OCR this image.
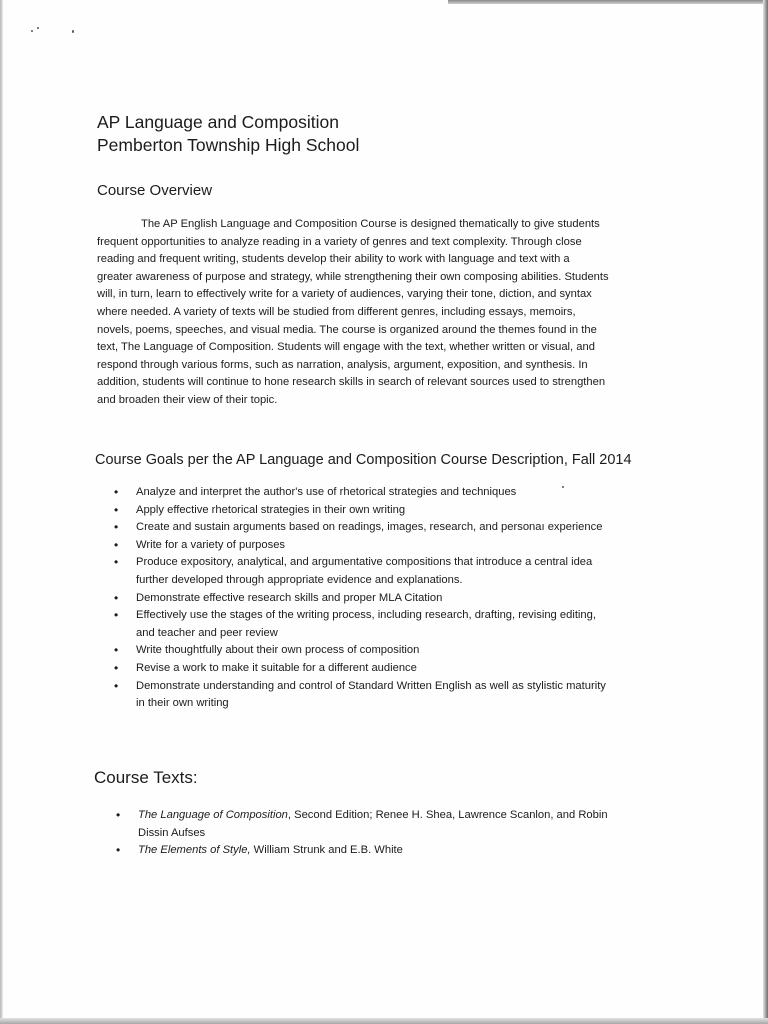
AP Language and Composition
Pemberton Township High School
Course Overview
The AP English Language and Composition Course is designed thematically to give students
frequent opportunities to analyze reading in a variety of genres and text complexity. Through close
reading and frequent writing, students develop their ability to work with language and text with a
greater awareness of purpose and strategy, while strengthening their own composing abilities. Students
will, in turn, learn to effectively write for a variety of audiences, varying their tone, diction, and syntax
where needed. A variety of texts will be studied from different genres, including essays, memoirs,
novels, poems, speeches, and visual media. The course is organized around the themes found in the
text, The Language of Composition. Students will engage with the text, whether written or visual, and
respond through various forms, such as narration, analysis, argument, exposition, and synthesis. In
addition, students will continue to hone research skills in search of relevant sources used to strengthen
and broaden their view of their topic.
Course Goals per the AP Language and Composition Course Description, Fall 2014
• Analyze and interpret the author's use of rhetorical strategies and techniques
• Apply effective rhetorical strategies in their own writing
• Create and sustain arguments based on readings, images, research, and personaı experience
• Write for a variety of purposes
• Produce expository, analytical, and argumentative compositions that introduce a central idea
further developed through appropriate evidence and explanations.
• Demonstrate effective research skills and proper MLA Citation
• Effectively use the stages of the writing process, including research, drafting, revising editing,
and teacher and peer review
• Write thoughtfully about their own process of composition
• Revise a work to make it suitable for a different audience
• Demonstrate understanding and control of Standard Written English as well as stylistic maturity
in their own writing
Course Texts:
• The Language of Composition, Second Edition; Renee H. Shea, Lawrence Scanlon, and Robin
Dissin Aufses
• The Elements of Style, William Strunk and E.B. White
